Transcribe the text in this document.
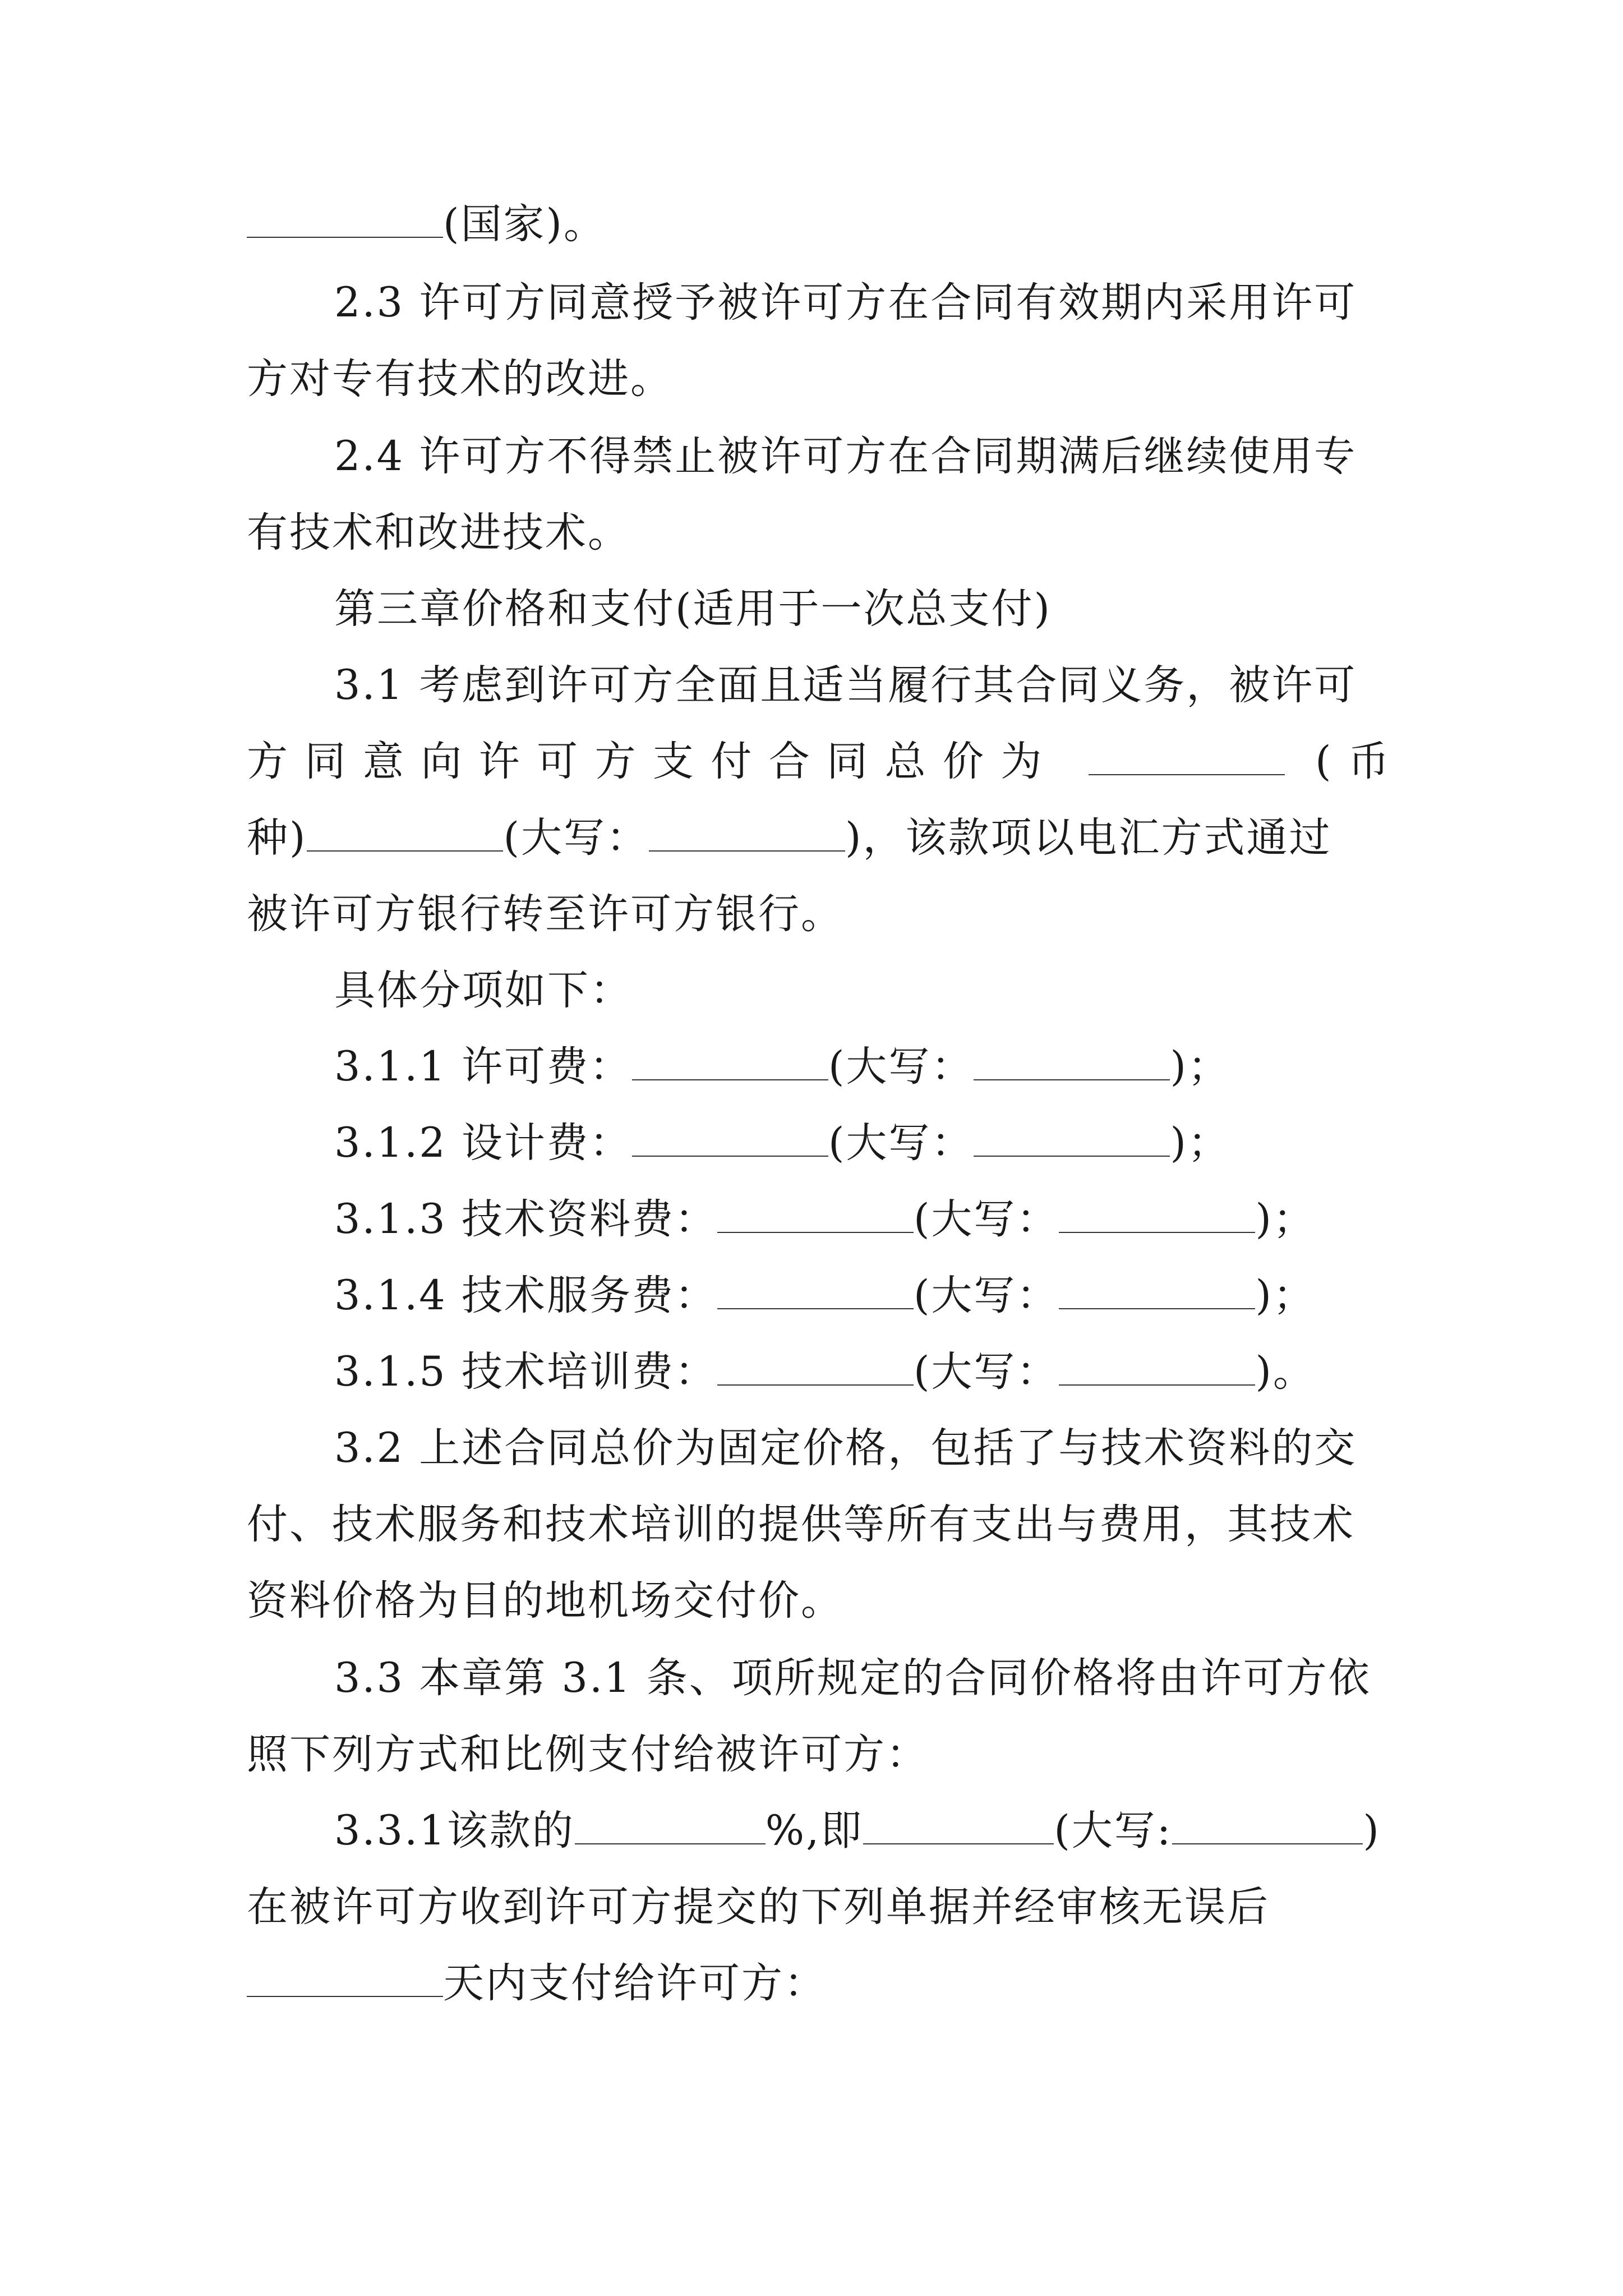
(国家)。
2.3 许可方同意授予被许可方在合同有效期内采用许可
方对专有技术的改进。
2.4 许可方不得禁止被许可方在合同期满后继续使用专
有技术和改进技术。
第三章价格和支付(适用于一次总支付)
3.1 考虑到许可方全面且适当履行其合同义务，被许可
方同意向许可方支付合同总价为	(币
种)	(大写：	)，该款项以电汇方式通过
被许可方银行转至许可方银行。
具体分项如下：
3.1.1 许可费：	(大写：	)；
3.1.2 设计费：	(大写：	)；
3.1.3 技术资料费：	(大写：	)；
3.1.4 技术服务费：	(大写：	)；
3.1.5 技术培训费：	(大写：	)。
3.2 上述合同总价为固定价格，包括了与技术资料的交
付、技术服务和技术培训的提供等所有支出与费用，其技术
资料价格为目的地机场交付价。
3.3 本章第 3.1 条、项所规定的合同价格将由许可方依
照下列方式和比例支付给被许可方：
3.3.1该款的	%,即	(大写:	)
在被许可方收到许可方提交的下列单据并经审核无误后
天内支付给许可方：
